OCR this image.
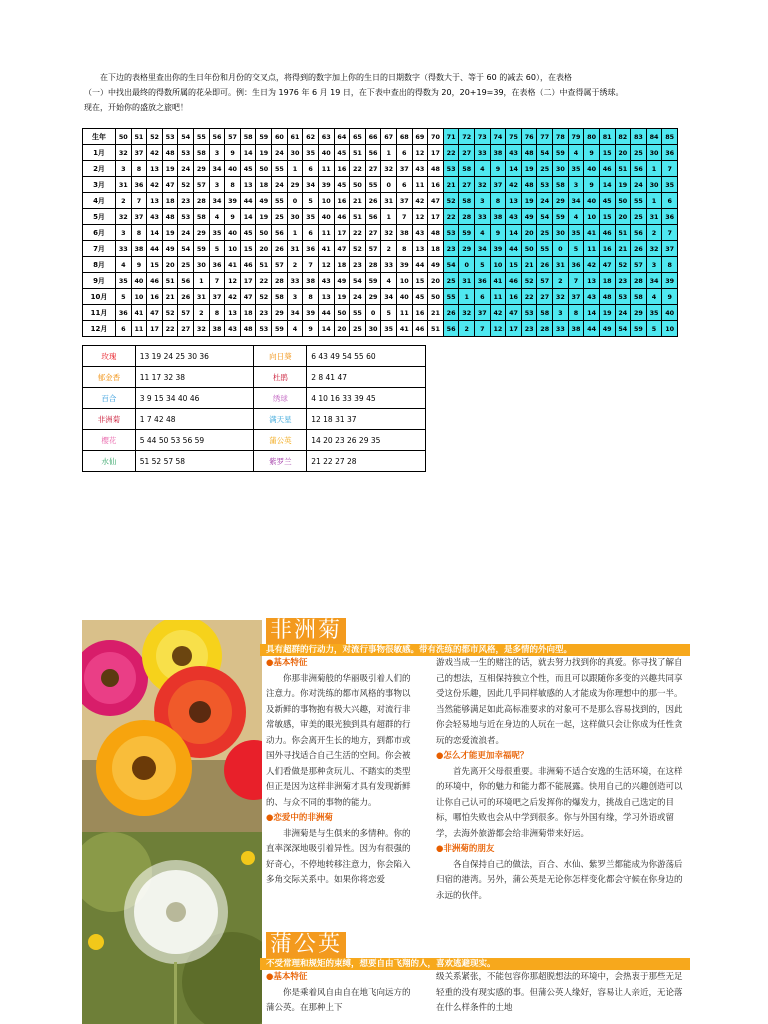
在下边的表格里查出你的生日年份和月份的交叉点，将得到的数字加上你的生日的日期数字（得数大于、等于 60 的减去 60），在表格

（一）中找出最终的得数所属的花朵即可。例：生日为 1976 年 6 月 19 日，在下表中查出的得数为 20，20+19=39，在表格（二）中查得属于绣球。

现在，开始你的盛放之旅吧！

生年	50	51	52	53	54	55	56	57	58	59	60	61	62	63	64	65	66	67	68	69	70	71	72	73	74	75	76	77	78	79	80	81	82	83	84	85
1月	32	37	42	48	53	58	3	9	14	19	24	30	35	40	45	51	56	1	6	12	17	22	27	33	38	43	48	54	59	4	9	15	20	25	30	36
2月	3	8	13	19	24	29	34	40	45	50	55	1	6	11	16	22	27	32	37	43	48	53	58	4	9	14	19	25	30	35	40	46	51	56	1	7
3月	31	36	42	47	52	57	3	8	13	18	24	29	34	39	45	50	55	0	6	11	16	21	27	32	37	42	48	53	58	3	9	14	19	24	30	35
4月	2	7	13	18	23	28	34	39	44	49	55	0	5	10	16	21	26	31	37	42	47	52	58	3	8	13	19	24	29	34	40	45	50	55	1	6
5月	32	37	43	48	53	58	4	9	14	19	25	30	35	40	46	51	56	1	7	12	17	22	28	33	38	43	49	54	59	4	10	15	20	25	31	36
6月	3	8	14	19	24	29	35	40	45	50	56	1	6	11	17	22	27	32	38	43	48	53	59	4	9	14	20	25	30	35	41	46	51	56	2	7
7月	33	38	44	49	54	59	5	10	15	20	26	31	36	41	47	52	57	2	8	13	18	23	29	34	39	44	50	55	0	5	11	16	21	26	32	37
8月	4	9	15	20	25	30	36	41	46	51	57	2	7	12	18	23	28	33	39	44	49	54	0	5	10	15	21	26	31	36	42	47	52	57	3	8
9月	35	40	46	51	56	1	7	12	17	22	28	33	38	43	49	54	59	4	10	15	20	25	31	36	41	46	52	57	2	7	13	18	23	28	34	39
10月	5	10	16	21	26	31	37	42	47	52	58	3	8	13	19	24	29	34	40	45	50	55	1	6	11	16	22	27	32	37	43	48	53	58	4	9
11月	36	41	47	52	57	2	8	13	18	23	29	34	39	44	50	55	0	5	11	16	21	26	32	37	42	47	53	58	3	8	14	19	24	29	35	40
12月	6	11	17	22	27	32	38	43	48	53	59	4	9	14	20	25	30	35	41	46	51	56	2	7	12	17	23	28	33	38	44	49	54	59	5	10
玫瑰	13 19 24 25 30 36	向日葵	6 43 49 54 55 60
郁金香	11 17 32 38	杜鹃	2 8 41 47
百合	3 9 15 34 40 46	绣球	4 10 16 33 39 45
非洲菊	1 7 42 48	满天星	12 18 31 37
樱花	5 44 50 53 56 59	蒲公英	14 20 23 26 29 35
水仙	51 52 57 58	紫罗兰	21 22 27 28
非洲菊
具有超群的行动力，对流行事物很敏感。带有洗练的都市风格，是多情的外向型。

● 基本特征

你那非洲菊般的华丽吸引着人们的注意力。你对洗练的都市风格的事物以及新鲜的事物抱有极大兴趣，对流行非常敏感，审美的眼光独到具有超群的行动力。你会离开生长的地方，到都市或国外寻找适合自己生活的空间。你会被人们看做是那种贪玩儿、不踏实的类型但正是因为这样非洲菊才具有发现新鲜的、与众不同的事物的能力。

● 恋爱中的非洲菊

非洲菊是与生俱来的多情种。你的直率深深地吸引着异性。因为有很强的好奇心，不停地转移注意力，你会陷入多角交际关系中。如果你将恋爱

游戏当成一生的赌注的话，就去努力找到你的真爱。你寻找了解自己的想法，互相保持独立个性，而且可以跟随你多变的兴趣共同享受这份乐趣，因此几乎同样敏感的人才能成为你理想中的那一半。当然能够满足如此高标准要求的对象可不是那么容易找到的，因此你会轻易地与近在身边的人玩在一起，这样做只会让你成为任性贪玩的恋爱流浪者。

● 怎么才能更加幸福呢？

首先离开父母很重要。非洲菊不适合安逸的生活环境，在这样的环境中，你的魅力和能力都不能展露。快用自己的兴趣创造可以让你自己认可的环境吧之后发挥你的爆发力，挑战自己选定的目标，哪怕失败也会从中学到很多。你与外国有缘，学习外语或留学，去海外旅游都会给非洲菊带来好运。

● 非洲菊的朋友

各自保持自己的做法，百合、水仙、紫罗兰都能成为你游荡后归宿的港湾。另外，蒲公英是无论你怎样变化都会守候在你身边的永远的伙伴。

蒲公英
不受常理和规矩的束缚，想要自由飞翔的人，喜欢逃避现实。

● 基本特征

你是乘着风自由自在地飞向远方的蒲公英。在那种上下

级关系紧张，不能包容你那超脱想法的环境中，会热衷于那些无足轻重的没有现实感的事。但蒲公英人缘好，容易让人亲近，无论落在什么样条件的土地
